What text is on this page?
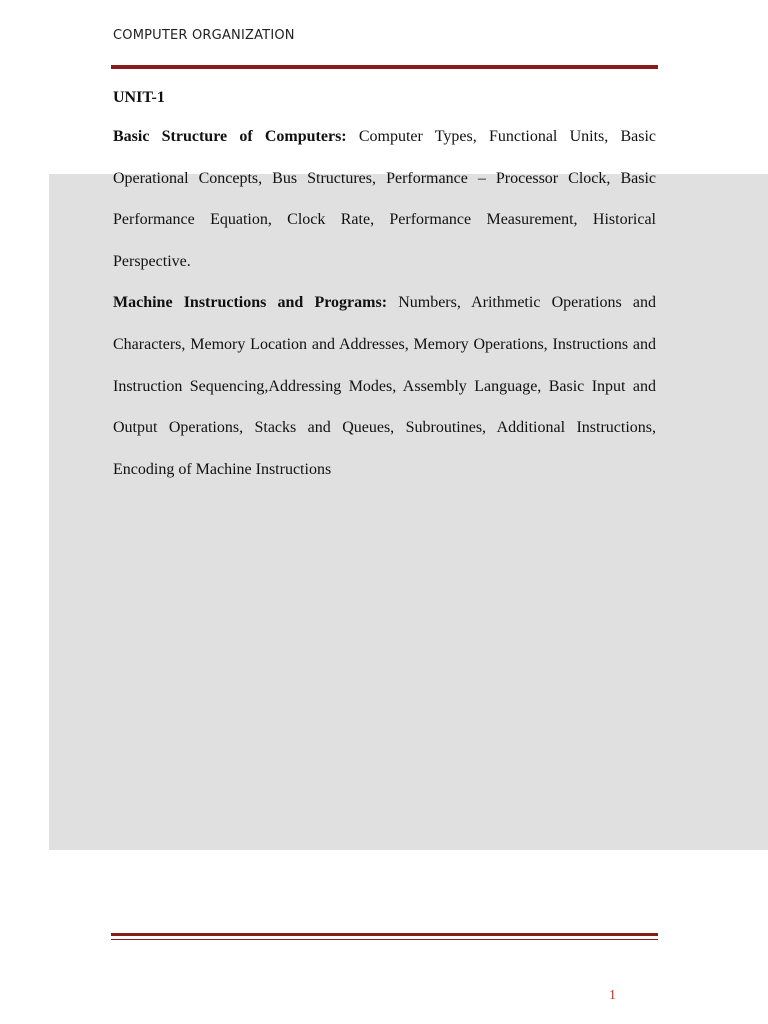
COMPUTER ORGANIZATION
UNIT-1

Basic Structure of Computers: Computer Types, Functional Units, Basic Operational Concepts, Bus Structures, Performance – Processor Clock, Basic Performance Equation, Clock Rate, Performance Measurement, Historical Perspective.

Machine Instructions and Programs: Numbers, Arithmetic Operations and Characters, Memory Location and Addresses, Memory Operations, Instructions and Instruction Sequencing,Addressing Modes, Assembly Language, Basic Input and Output Operations, Stacks and Queues, Subroutines, Additional Instructions, Encoding of Machine Instructions

1
